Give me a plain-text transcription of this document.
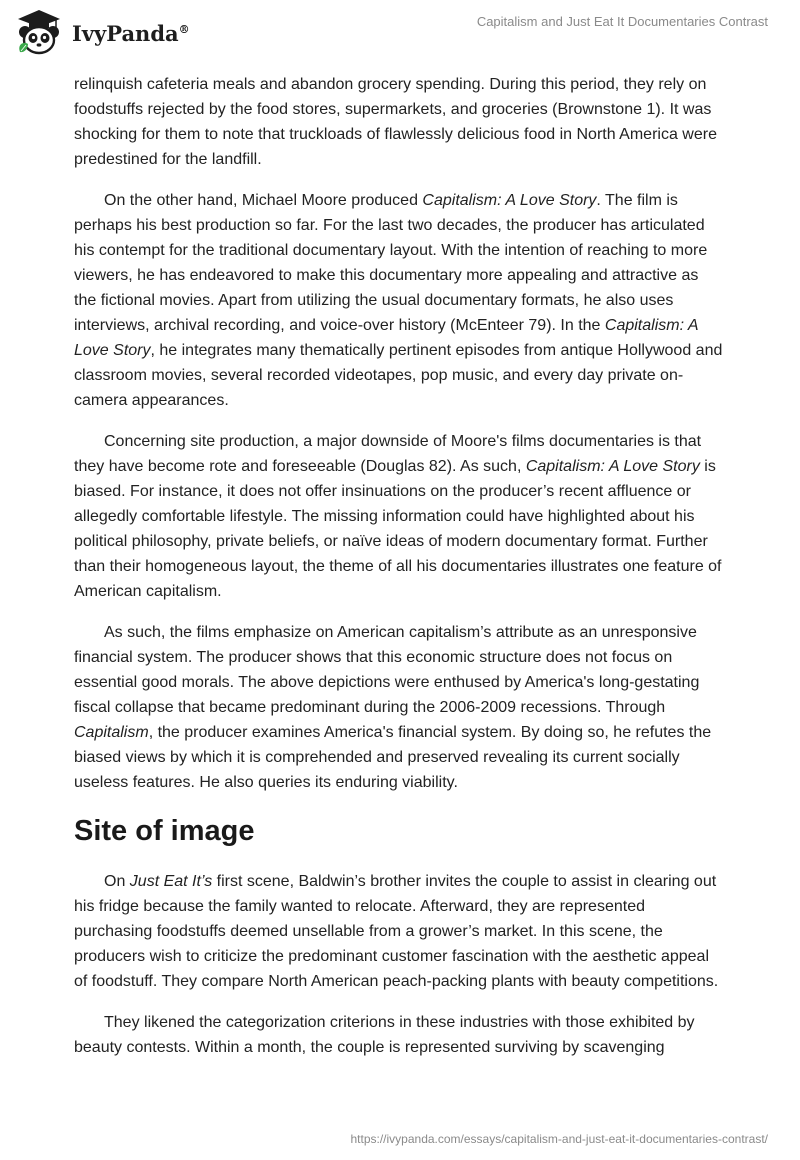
IvyPanda®	Capitalism and Just Eat It Documentaries Contrast

relinquish cafeteria meals and abandon grocery spending. During this period, they rely on foodstuffs rejected by the food stores, supermarkets, and groceries (Brownstone 1). It was shocking for them to note that truckloads of flawlessly delicious food in North America were predestined for the landfill.

On the other hand, Michael Moore produced Capitalism: A Love Story. The film is perhaps his best production so far. For the last two decades, the producer has articulated his contempt for the traditional documentary layout. With the intention of reaching to more viewers, he has endeavored to make this documentary more appealing and attractive as the fictional movies. Apart from utilizing the usual documentary formats, he also uses interviews, archival recording, and voice-over history (McEnteer 79). In the Capitalism: A Love Story, he integrates many thematically pertinent episodes from antique Hollywood and classroom movies, several recorded videotapes, pop music, and every day private on-camera appearances.

Concerning site production, a major downside of Moore's films documentaries is that they have become rote and foreseeable (Douglas 82). As such, Capitalism: A Love Story is biased. For instance, it does not offer insinuations on the producer’s recent affluence or allegedly comfortable lifestyle. The missing information could have highlighted about his political philosophy, private beliefs, or naïve ideas of modern documentary format. Further than their homogeneous layout, the theme of all his documentaries illustrates one feature of American capitalism.

As such, the films emphasize on American capitalism’s attribute as an unresponsive financial system. The producer shows that this economic structure does not focus on essential good morals. The above depictions were enthused by America's long-gestating fiscal collapse that became predominant during the 2006-2009 recessions. Through Capitalism, the producer examines America's financial system. By doing so, he refutes the biased views by which it is comprehended and preserved revealing its current socially useless features. He also queries its enduring viability.

Site of image

On Just Eat It’s first scene, Baldwin’s brother invites the couple to assist in clearing out his fridge because the family wanted to relocate. Afterward, they are represented purchasing foodstuffs deemed unsellable from a grower’s market. In this scene, the producers wish to criticize the predominant customer fascination with the aesthetic appeal of foodstuff. They compare North American peach-packing plants with beauty competitions.

They likened the categorization criterions in these industries with those exhibited by beauty contests. Within a month, the couple is represented surviving by scavenging

https://ivypanda.com/essays/capitalism-and-just-eat-it-documentaries-contrast/
